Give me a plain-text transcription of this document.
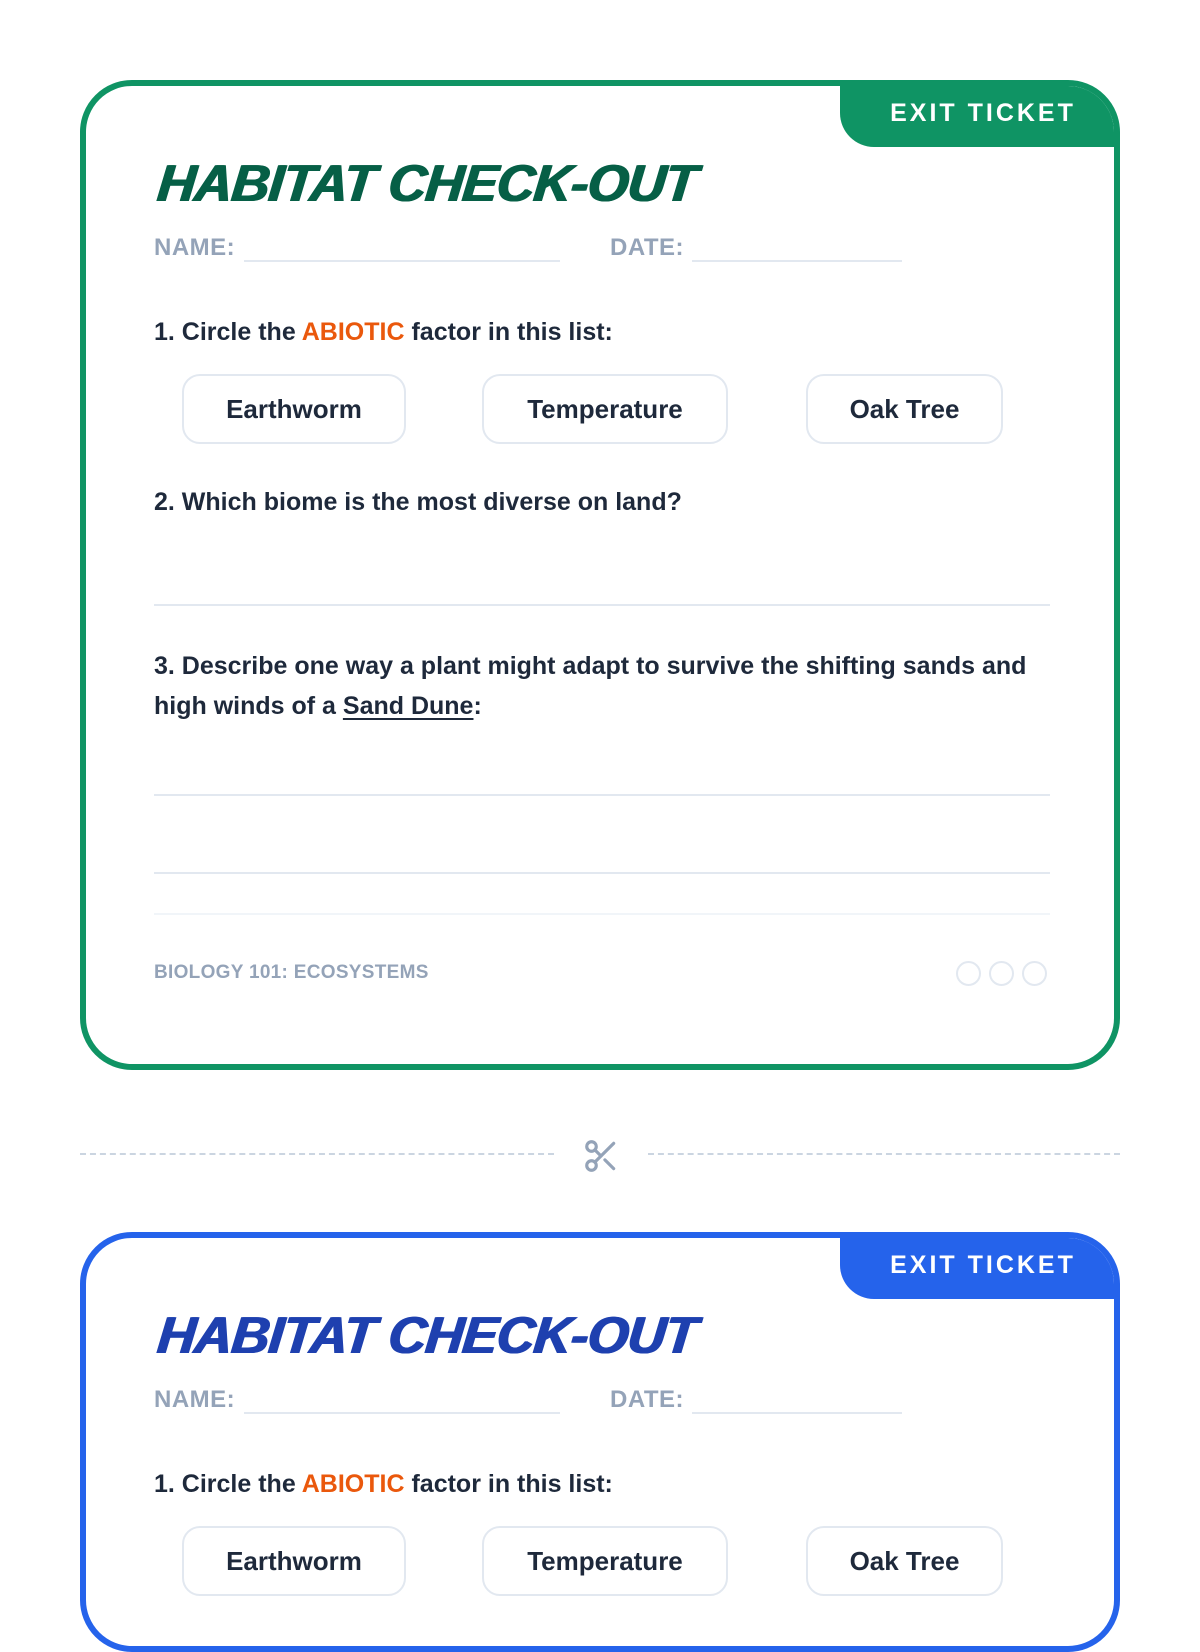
EXIT TICKET
HABITAT CHECK-OUT
NAME:	DATE:
1. Circle the ABIOTIC factor in this list:
Earthworm	Temperature	Oak Tree
2. Which biome is the most diverse on land?
3. Describe one way a plant might adapt to survive the shifting sands and high winds of a Sand Dune:
BIOLOGY 101: ECOSYSTEMS
EXIT TICKET
HABITAT CHECK-OUT
NAME:	DATE:
1. Circle the ABIOTIC factor in this list:
Earthworm	Temperature	Oak Tree
